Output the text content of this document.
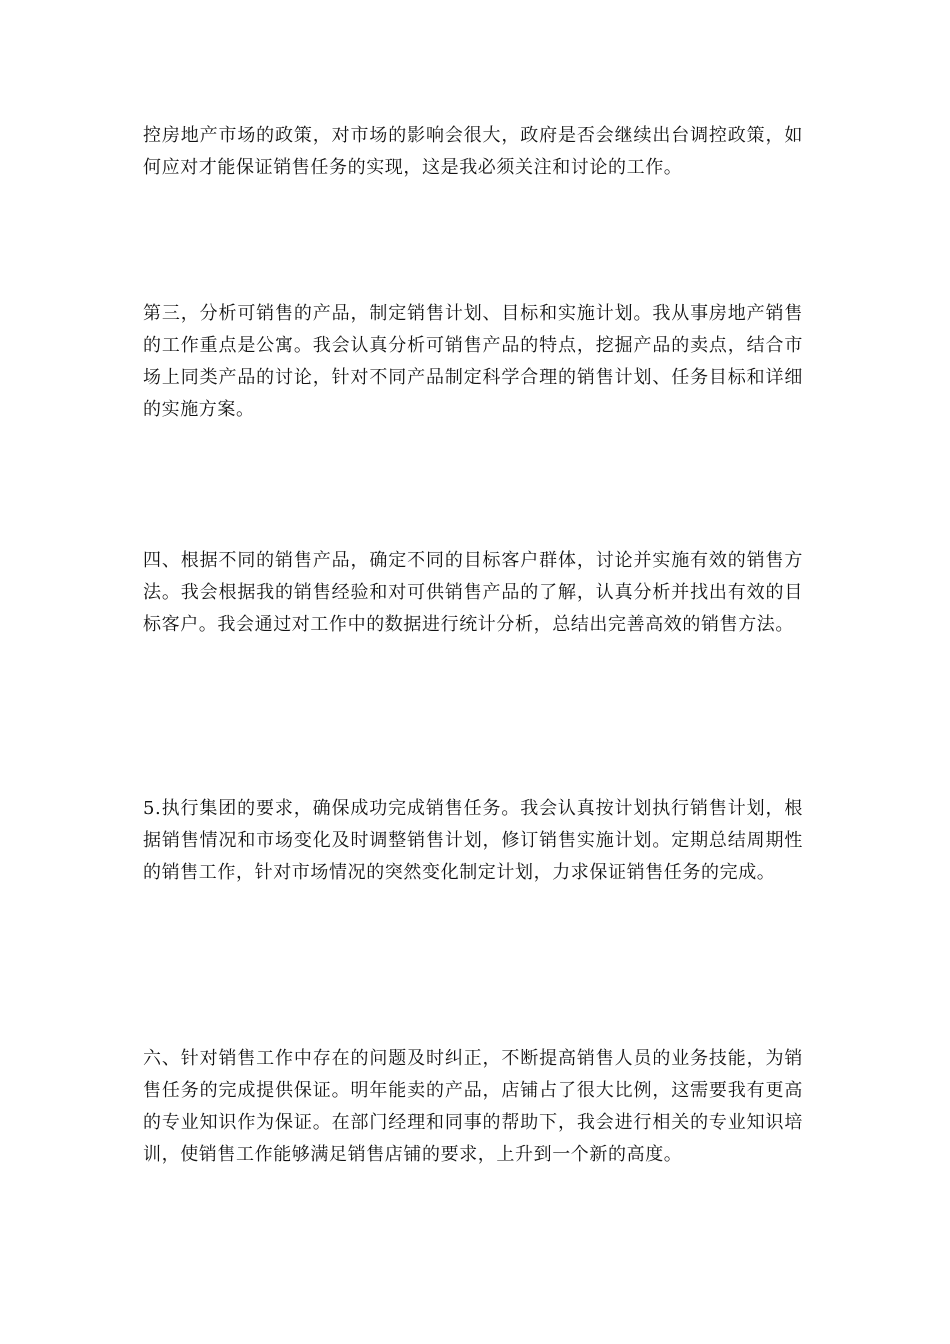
控房地产市场的政策，对市场的影响会很大，政府是否会继续出台调控政策，如何应对才能保证销售任务的实现，这是我必须关注和讨论的工作。

第三，分析可销售的产品，制定销售计划、目标和实施计划。我从事房地产销售的工作重点是公寓。我会认真分析可销售产品的特点，挖掘产品的卖点，结合市场上同类产品的讨论，针对不同产品制定科学合理的销售计划、任务目标和详细的实施方案。

四、根据不同的销售产品，确定不同的目标客户群体，讨论并实施有效的销售方法。我会根据我的销售经验和对可供销售产品的了解，认真分析并找出有效的目标客户。我会通过对工作中的数据进行统计分析，总结出完善高效的销售方法。

5.执行集团的要求，确保成功完成销售任务。我会认真按计划执行销售计划，根据销售情况和市场变化及时调整销售计划，修订销售实施计划。定期总结周期性的销售工作，针对市场情况的突然变化制定计划，力求保证销售任务的完成。

六、针对销售工作中存在的问题及时纠正，不断提高销售人员的业务技能，为销售任务的完成提供保证。明年能卖的产品，店铺占了很大比例，这需要我有更高的专业知识作为保证。在部门经理和同事的帮助下，我会进行相关的专业知识培训，使销售工作能够满足销售店铺的要求，上升到一个新的高度。
